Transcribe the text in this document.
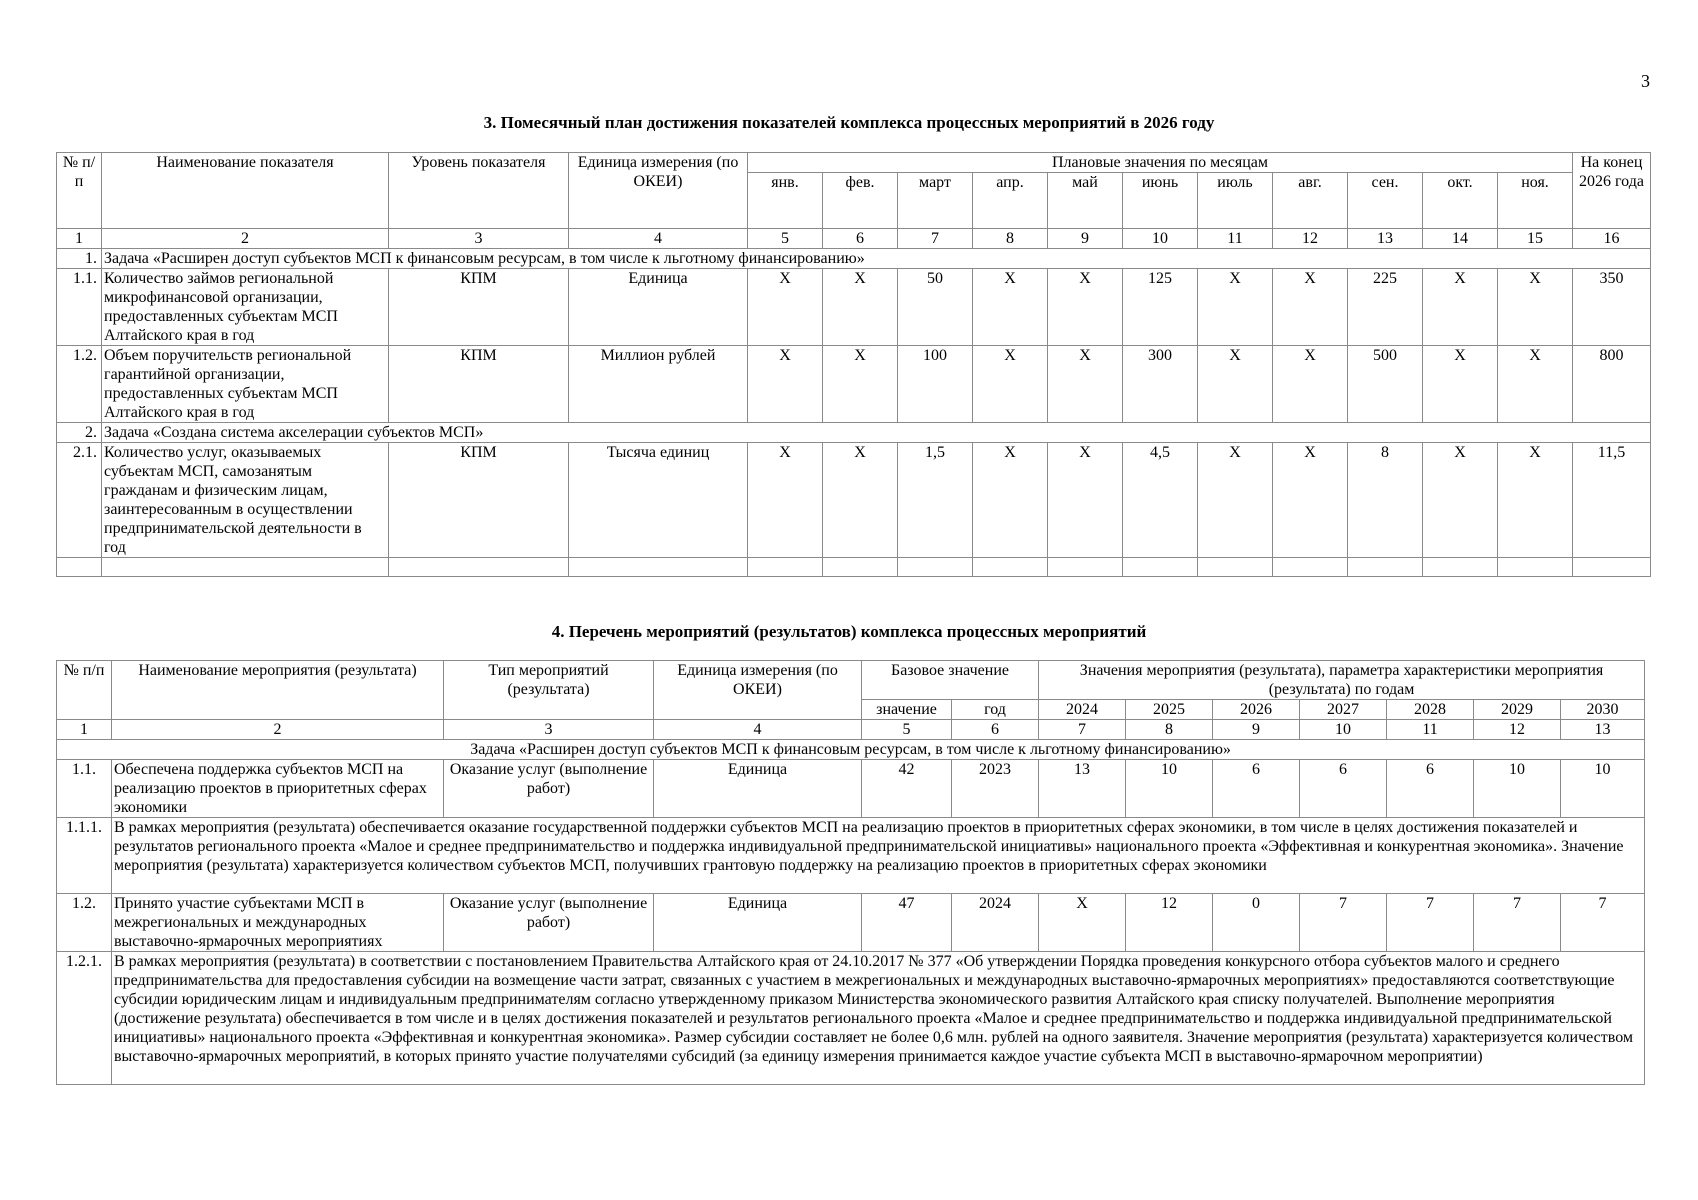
3
3. Помесячный план достижения показателей комплекса процессных мероприятий в 2026 году
№ п/п	Наименование показателя	Уровень показателя	Единица измерения (по ОКЕИ)	Плановые значения по месяцам											На конец 2026 года
				янв.	фев.	март	апр.	май	июнь	июль	авг.	сен.	окт.	ноя.	
1	2	3	4	5	6	7	8	9	10	11	12	13	14	15	16
1.	Задача «Расширен доступ субъектов МСП к финансовым ресурсам, в том числе к льготному финансированию»														
1.1.	Количество займов региональной микрофинансовой организации, предоставленных субъектам МСП Алтайского края в год	КПМ	Единица	X	X	50	X	X	125	X	X	225	X	X	350
1.2.	Объем поручительств региональной гарантийной организации, предоставленных субъектам МСП Алтайского края в год	КПМ	Миллион рублей	X	X	100	X	X	300	X	X	500	X	X	800
2.	Задача «Создана система акселерации субъектов МСП»														
2.1.	Количество услуг, оказываемых субъектам МСП, самозанятым гражданам и физическим лицам, заинтересованным в осуществлении предпринимательской деятельности в год	КПМ	Тысяча единиц	X	X	1,5	X	X	4,5	X	X	8	X	X	11,5

4. Перечень мероприятий (результатов) комплекса процессных мероприятий
№ п/п	Наименование мероприятия (результата)	Тип мероприятий (результата)	Единица измерения (по ОКЕИ)	Базовое значение		Значения мероприятия (результата), параметра характеристики мероприятия (результата) по годам						
				значение	год	2024	2025	2026	2027	2028	2029	2030
1	2	3	4	5	6	7	8	9	10	11	12	13
Задача «Расширен доступ субъектов МСП к финансовым ресурсам, в том числе к льготному финансированию»												
1.1.	Обеспечена поддержка субъектов МСП на реализацию проектов в приоритетных сферах экономики	Оказание услуг (выполнение работ)	Единица	42	2023	13	10	6	6	6	10	10
1.1.1.	В рамках мероприятия (результата) обеспечивается оказание государственной поддержки субъектов МСП на реализацию проектов в приоритетных сферах экономики, в том числе в целях достижения показателей и результатов регионального проекта «Малое и среднее предпринимательство и поддержка индивидуальной предпринимательской инициативы» национального проекта «Эффективная и конкурентная экономика». Значение мероприятия (результата) характеризуется количеством субъектов МСП, получивших грантовую поддержку на реализацию проектов в приоритетных сферах экономики											
1.2.	Принято участие субъектами МСП в межрегиональных и международных выставочно-ярмарочных мероприятиях	Оказание услуг (выполнение работ)	Единица	47	2024	X	12	0	7	7	7	7
1.2.1.	В рамках мероприятия (результата) в соответствии с постановлением Правительства Алтайского края от 24.10.2017 № 377 «Об утверждении Порядка проведения конкурсного отбора субъектов малого и среднего предпринимательства для предоставления субсидии на возмещение части затрат, связанных с участием в межрегиональных и международных выставочно-ярмарочных мероприятиях» предоставляются соответствующие субсидии юридическим лицам и индивидуальным предпринимателям согласно утвержденному приказом Министерства экономического развития Алтайского края списку получателей. Выполнение мероприятия (достижение результата) обеспечивается в том числе и в целях достижения показателей и результатов регионального проекта «Малое и среднее предпринимательство и поддержка индивидуальной предпринимательской инициативы» национального проекта «Эффективная и конкурентная экономика». Размер субсидии составляет не более 0,6 млн. рублей на одного заявителя. Значение мероприятия (результата) характеризуется количеством выставочно-ярмарочных мероприятий, в которых принято участие получателями субсидий (за единицу измерения принимается каждое участие субъекта МСП в выставочно-ярмарочном мероприятии)											
